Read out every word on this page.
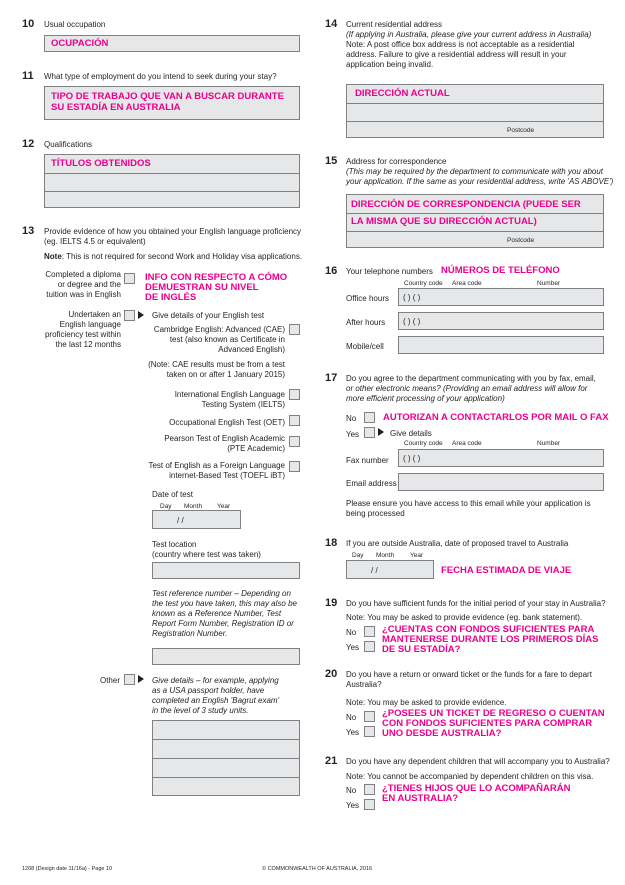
10 Usual occupation
OCUPACIÓN
11 What type of employment do you intend to seek during your stay?
TIPO DE TRABAJO QUE VAN A BUSCAR DURANTE
SU ESTADÍA EN AUSTRALIA
12 Qualifications
TÍTULOS OBTENIDOS
13 Provide evidence of how you obtained your English language proficiency
(eg. IELTS 4.5 or equivalent)
Note: This is not required for second Work and Holiday visa applications.
Completed a diploma
or degree and the
tuition was in English
INFO CON RESPECTO A CÓMO
DEMUESTRAN SU NIVEL
DE INGLÉS
Undertaken an
English language
proficiency test within
the last 12 months
Give details of your English test
Cambridge English: Advanced (CAE)
test (also known as Certificate in
Advanced English)
(Note: CAE results must be from a test
taken on or after 1 January 2015)
International English Language
Testing System (IELTS)
Occupational English Test (OET)
Pearson Test of English Academic
(PTE Academic)
Test of English as a Foreign Language
internet-Based Test (TOEFL iBT)
Date of test
Day Month Year
/ /
Test location
(country where test was taken)
Test reference number – Depending on
the test you have taken, this may also be
known as a Reference Number, Test
Report Form Number, Registration ID or
Registration Number.
Other	Give details – for example, applying
as a USA passport holder, have
completed an English 'Bagrut exam'
in the level of 3 study units.
14 Current residential address
(If applying in Australia, please give your current address in Australia)
Note: A post office box address is not acceptable as a residential
address. Failure to give a residential address will result in your
application being invalid.
DIRECCIÓN ACTUAL
Postcode
15 Address for correspondence
(This may be required by the department to communicate with you about
your application. If the same as your residential address, write 'AS ABOVE')
DIRECCIÓN DE CORRESPONDENCIA (PUEDE SER
LA MISMA QUE SU DIRECCIÓN ACTUAL)
Postcode
16 Your telephone numbers NÚMEROS DE TELÉFONO
Country code Area code	Number
Office hours ( ) ( )
After hours ( ) ( )
Mobile/cell
17 Do you agree to the department communicating with you by fax, email,
or other electronic means? (Providing an email address will allow for
more efficient processing of your application)
No	AUTORIZAN A CONTACTARLOS POR MAIL O FAX
Yes	Give details
Country code Area code	Number
Fax number ( ) ( )
Email address
Please ensure you have access to this email while your application is
being processed
18 If you are outside Australia, date of proposed travel to Australia
Day Month Year
/ /	FECHA ESTIMADA DE VIAJE
19 Do you have sufficient funds for the initial period of your stay in Australia?
Note: You may be asked to provide evidence (eg. bank statement).
No
Yes
¿CUENTAS CON FONDOS SUFICIENTES PARA
MANTENERSE DURANTE LOS PRIMEROS DÍAS
DE SU ESTADÍA?
20 Do you have a return or onward ticket or the funds for a fare to depart
Australia?
Note: You may be asked to provide evidence.
No
Yes
¿POSEES UN TICKET DE REGRESO O CUENTAN
CON FONDOS SUFICIENTES PARA COMPRAR
UNO DESDE AUSTRALIA?
21 Do you have any dependent children that will accompany you to Australia?
Note: You cannot be accompanied by dependent children on this visa.
No
Yes
¿TIENES HIJOS QUE LO ACOMPAÑARÁN
EN AUSTRALIA?
1208 (Design date 11/16a) - Page 10	© COMMONWEALTH OF AUSTRALIA, 2016
